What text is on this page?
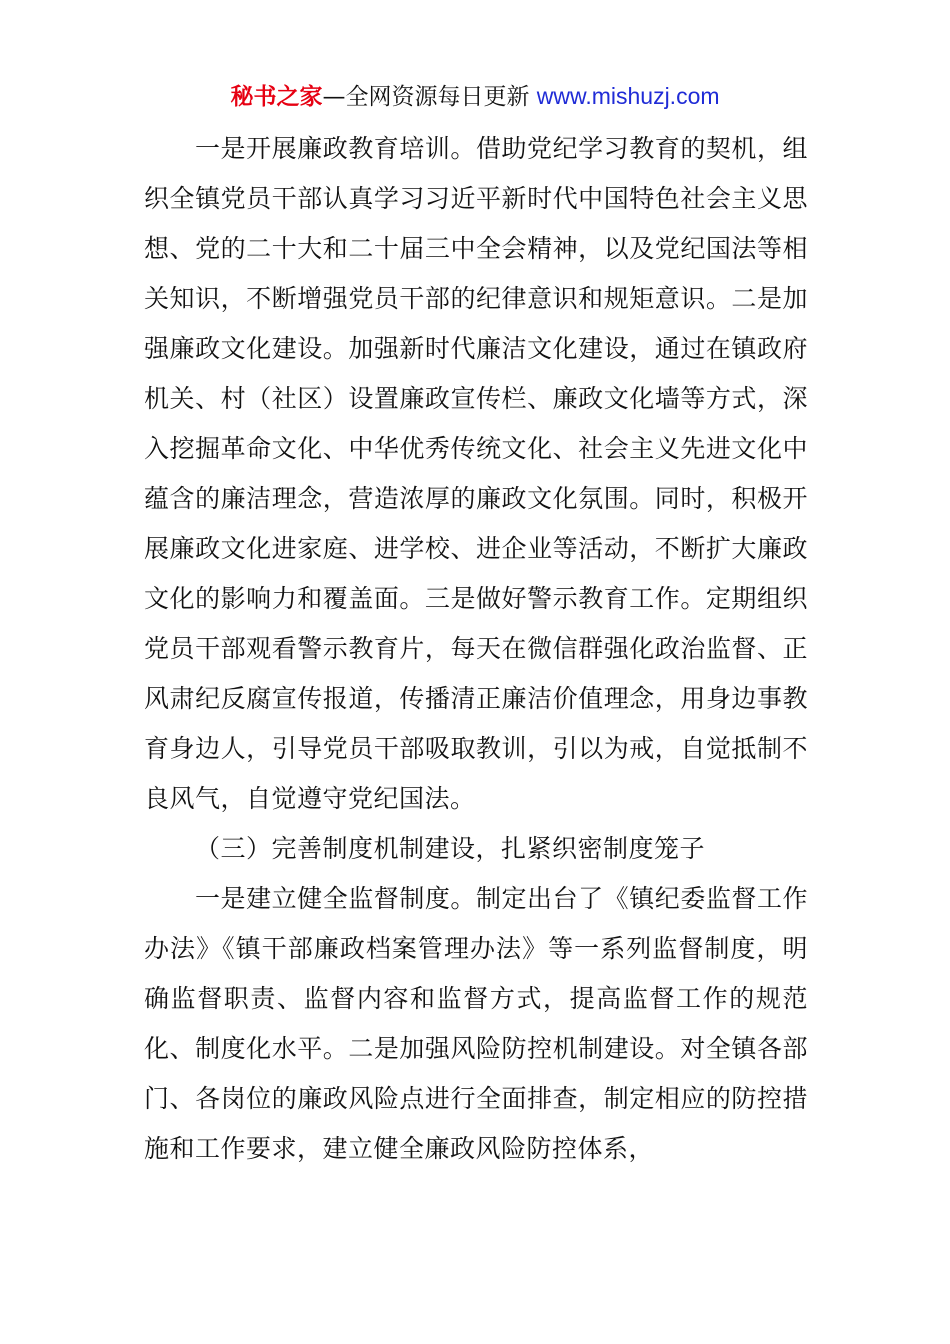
秘书之家—全网资源每日更新 www.mishuzj.com

一是开展廉政教育培训。借助党纪学习教育的契机，组织全镇党员干部认真学习习近平新时代中国特色社会主义思想、党的二十大和二十届三中全会精神，以及党纪国法等相关知识，不断增强党员干部的纪律意识和规矩意识。二是加强廉政文化建设。加强新时代廉洁文化建设，通过在镇政府机关、村（社区）设置廉政宣传栏、廉政文化墙等方式，深入挖掘革命文化、中华优秀传统文化、社会主义先进文化中蕴含的廉洁理念，营造浓厚的廉政文化氛围。同时，积极开展廉政文化进家庭、进学校、进企业等活动，不断扩大廉政文化的影响力和覆盖面。三是做好警示教育工作。定期组织党员干部观看警示教育片，每天在微信群强化政治监督、正风肃纪反腐宣传报道，传播清正廉洁价值理念，用身边事教育身边人，引导党员干部吸取教训，引以为戒，自觉抵制不良风气，自觉遵守党纪国法。

（三）完善制度机制建设，扎紧织密制度笼子

一是建立健全监督制度。制定出台了《镇纪委监督工作办法》《镇干部廉政档案管理办法》等一系列监督制度，明确监督职责、监督内容和监督方式，提高监督工作的规范化、制度化水平。二是加强风险防控机制建设。对全镇各部门、各岗位的廉政风险点进行全面排查，制定相应的防控措施和工作要求，建立健全廉政风险防控体系，
